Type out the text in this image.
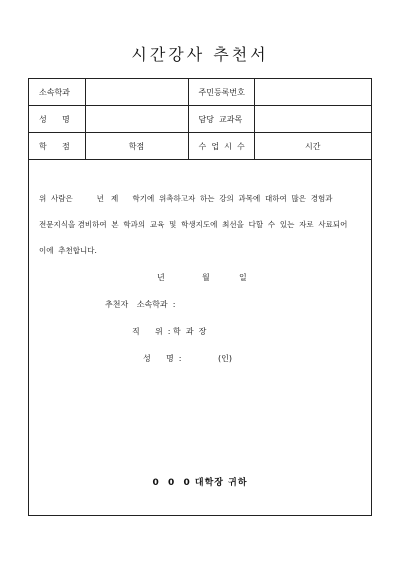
시간강사 추천서
소속학과		주민등록번호	
성      명		담당  교과목	
학      점	학점	수  업  시  수	시간
위  사람은          년   제      학기에  위촉하고자  하는  강의  과목에  대하여  많은  경험과
전문지식을 겸비하여  본  학과의  교육  및  학생지도에  최선을  다할  수  있는  자로  사료되어
이에  추천합니다.
년	월	일
추천자 소속학과  :
직      위  : 학  과  장
성      명  :	(인)
0  0  0 대학장 귀하
